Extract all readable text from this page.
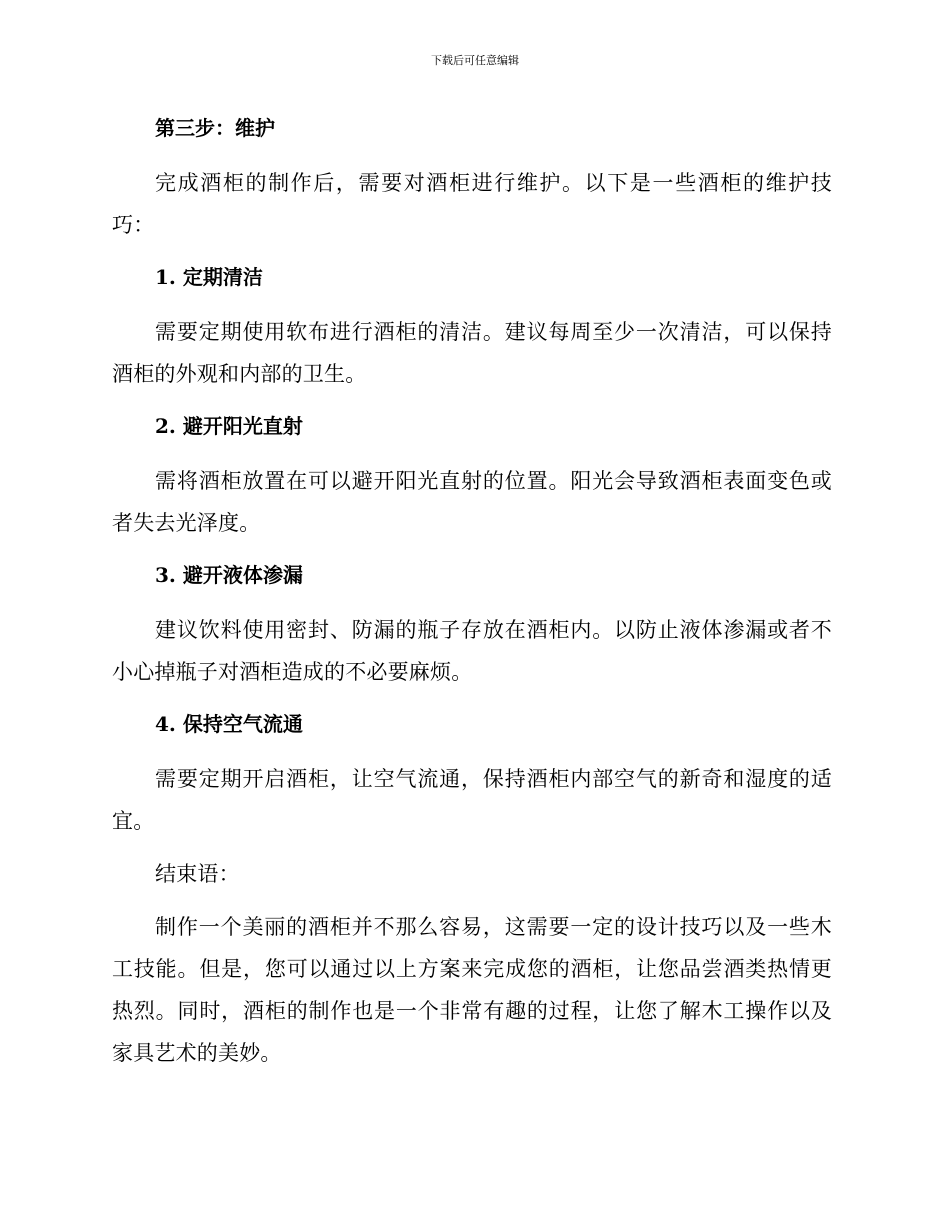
下载后可任意编辑
第三步：维护
完成酒柜的制作后，需要对酒柜进行维护。以下是一些酒柜的维护技巧：
1. 定期清洁
需要定期使用软布进行酒柜的清洁。建议每周至少一次清洁，可以保持酒柜的外观和内部的卫生。
2. 避开阳光直射
需将酒柜放置在可以避开阳光直射的位置。阳光会导致酒柜表面变色或者失去光泽度。
3. 避开液体渗漏
建议饮料使用密封、防漏的瓶子存放在酒柜内。以防止液体渗漏或者不小心掉瓶子对酒柜造成的不必要麻烦。
4. 保持空气流通
需要定期开启酒柜，让空气流通，保持酒柜内部空气的新奇和湿度的适宜。
结束语：
制作一个美丽的酒柜并不那么容易，这需要一定的设计技巧以及一些木工技能。但是，您可以通过以上方案来完成您的酒柜，让您品尝酒类热情更热烈。同时，酒柜的制作也是一个非常有趣的过程，让您了解木工操作以及家具艺术的美妙。
